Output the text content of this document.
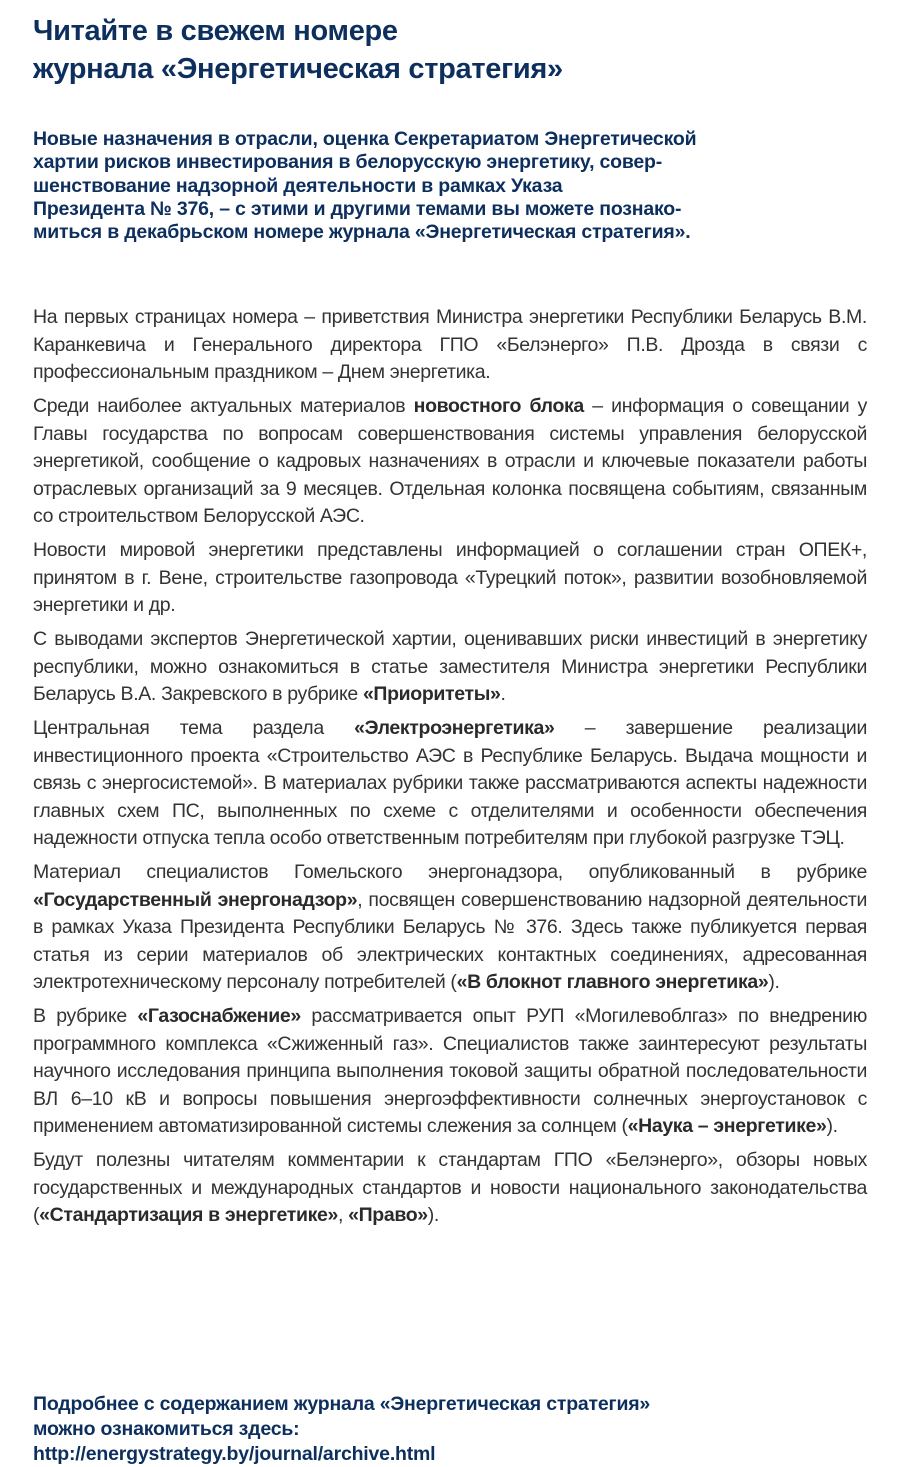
Читайте в свежем номере
журнала «Энергетическая стратегия»
Новые назначения в отрасли, оценка Секретариатом Энергетической
хартии рисков инвестирования в белорусскую энергетику, совер-
шенствование надзорной деятельности в рамках Указа
Президента № 376, – с этими и другими темами вы можете познако-
миться в декабрьском номере журнала «Энергетическая стратегия».

На первых страницах номера – приветствия Министра энергетики Республики Беларусь В.М. Каранкевича и Генерального директора ГПО «Белэнерго» П.В. Дрозда в связи с профессиональным праздником – Днем энергетика.

Среди наиболее актуальных материалов новостного блока – информация о совещании у Главы государства по вопросам совершенствования системы управления белорусской энергетикой, сообщение о кадровых назначениях в отрасли и ключевые показатели работы отраслевых организаций за 9 месяцев. Отдельная колонка посвящена событиям, связанным со строительством Белорусской АЭС.

Новости мировой энергетики представлены информацией о соглашении стран ОПЕК+, принятом в г. Вене, строительстве газопровода «Турецкий поток», развитии возобновляемой энергетики и др.

С выводами экспертов Энергетической хартии, оценивавших риски инвестиций в энергетику республики, можно ознакомиться в статье заместителя Министра энергетики Республики Беларусь В.А. Закревского в рубрике «Приоритеты».

Центральная тема раздела «Электроэнергетика» – завершение реализации инвестиционного проекта «Строительство АЭС в Республике Беларусь. Выдача мощности и связь с энергосистемой». В материалах рубрики также рассматриваются аспекты надежности главных схем ПС, выполненных по схеме с отделителями и особенности обеспечения надежности отпуска тепла особо ответственным потребителям при глубокой разгрузке ТЭЦ.

Материал специалистов Гомельского энергонадзора, опубликованный в рубрике «Государственный энергонадзор», посвящен совершенствованию надзорной деятельности в рамках Указа Президента Республики Беларусь № 376. Здесь также публикуется первая статья из серии материалов об электрических контактных соединениях, адресованная электротехническому персоналу потребителей («В блокнот главного энергетика»).

В рубрике «Газоснабжение» рассматривается опыт РУП «Могилевоблгаз» по внедрению программного комплекса «Сжиженный газ». Специалистов также заинтересуют результаты научного исследования принципа выполнения токовой защиты обратной последовательности ВЛ 6–10 кВ и вопросы повышения энергоэффективности солнечных энергоустановок с применением автоматизированной системы слежения за солнцем («Наука – энергетике»).

Будут полезны читателям комментарии к стандартам ГПО «Белэнерго», обзоры новых государственных и международных стандартов и новости национального законодательства («Стандартизация в энергетике», «Право»).

Подробнее с содержанием журнала «Энергетическая стратегия»
можно ознакомиться здесь:
http://energystrategy.by/journal/archive.html
